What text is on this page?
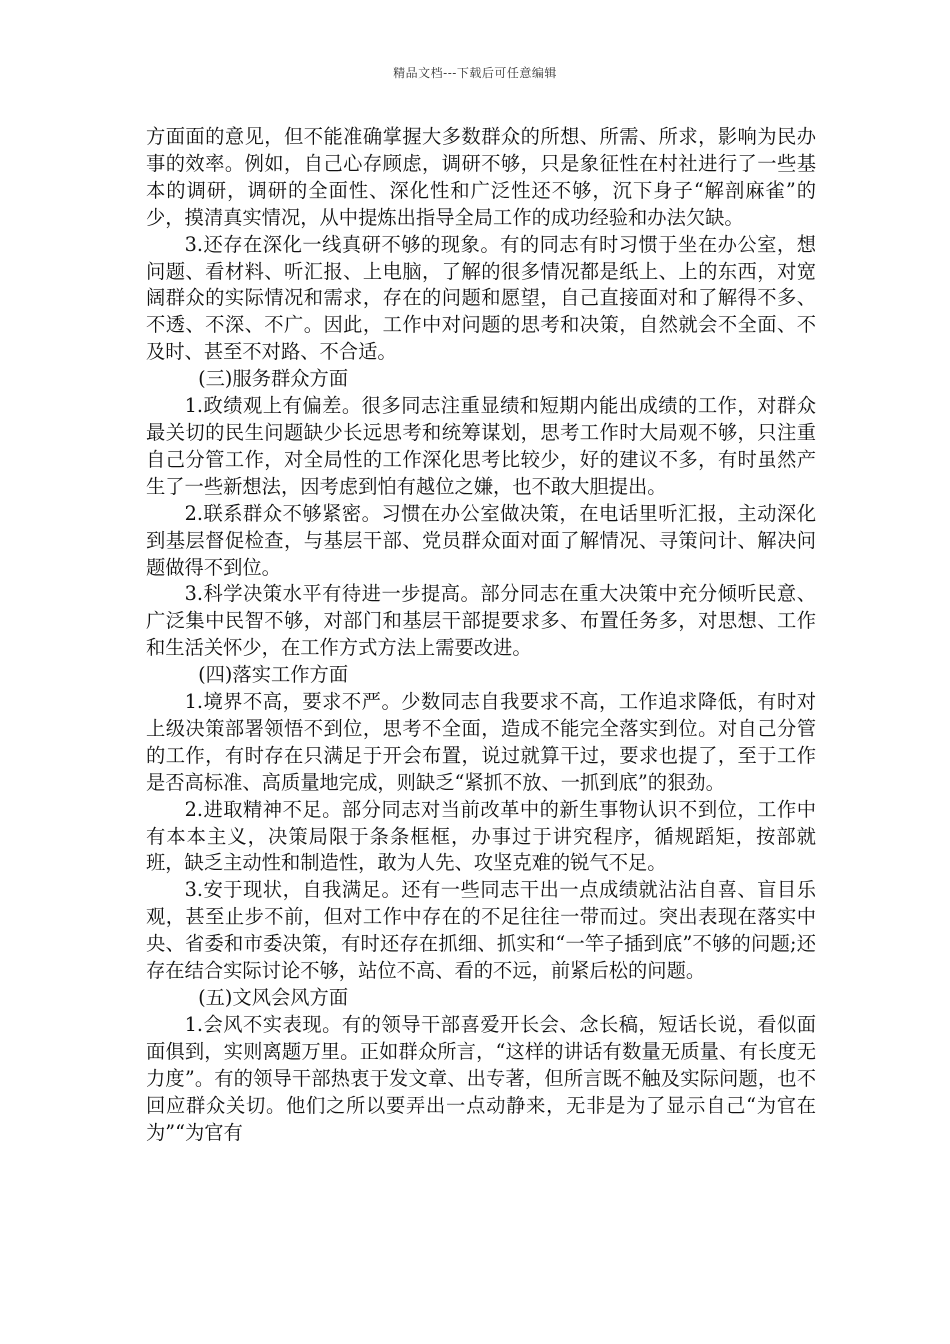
精品文档---下载后可任意编辑

方面面的意见，但不能准确掌握大多数群众的所想、所需、所求，影响为民办事的效率。例如，自己心存顾虑，调研不够，只是象征性在村社进行了一些基本的调研，调研的全面性、深化性和广泛性还不够，沉下身子“解剖麻雀”的少，摸清真实情况，从中提炼出指导全局工作的成功经验和办法欠缺。

3.还存在深化一线真研不够的现象。有的同志有时习惯于坐在办公室，想问题、看材料、听汇报、上电脑，了解的很多情况都是纸上、上的东西，对宽阔群众的实际情况和需求，存在的问题和愿望，自己直接面对和了解得不多、不透、不深、不广。因此，工作中对问题的思考和决策，自然就会不全面、不及时、甚至不对路、不合适。

(三)服务群众方面

1.政绩观上有偏差。很多同志注重显绩和短期内能出成绩的工作，对群众最关切的民生问题缺少长远思考和统筹谋划，思考工作时大局观不够，只注重自己分管工作，对全局性的工作深化思考比较少，好的建议不多，有时虽然产生了一些新想法，因考虑到怕有越位之嫌，也不敢大胆提出。

2.联系群众不够紧密。习惯在办公室做决策，在电话里听汇报，主动深化到基层督促检查，与基层干部、党员群众面对面了解情况、寻策问计、解决问题做得不到位。

3.科学决策水平有待进一步提高。部分同志在重大决策中充分倾听民意、广泛集中民智不够，对部门和基层干部提要求多、布置任务多，对思想、工作和生活关怀少，在工作方式方法上需要改进。

(四)落实工作方面

1.境界不高，要求不严。少数同志自我要求不高，工作追求降低，有时对上级决策部署领悟不到位，思考不全面，造成不能完全落实到位。对自己分管的工作，有时存在只满足于开会布置，说过就算干过，要求也提了，至于工作是否高标准、高质量地完成，则缺乏“紧抓不放、一抓到底”的狠劲。

2.进取精神不足。部分同志对当前改革中的新生事物认识不到位，工作中有本本主义，决策局限于条条框框，办事过于讲究程序，循规蹈矩，按部就班，缺乏主动性和制造性，敢为人先、攻坚克难的锐气不足。

3.安于现状，自我满足。还有一些同志干出一点成绩就沾沾自喜、盲目乐观，甚至止步不前，但对工作中存在的不足往往一带而过。突出表现在落实中央、省委和市委决策，有时还存在抓细、抓实和“一竿子插到底”不够的问题;还存在结合实际讨论不够，站位不高、看的不远，前紧后松的问题。

(五)文风会风方面

1.会风不实表现。有的领导干部喜爱开长会、念长稿，短话长说，看似面面俱到，实则离题万里。正如群众所言，“这样的讲话有数量无质量、有长度无力度”。有的领导干部热衷于发文章、出专著，但所言既不触及实际问题，也不回应群众关切。他们之所以要弄出一点动静来，无非是为了显示自己“为官在为”“为官有
